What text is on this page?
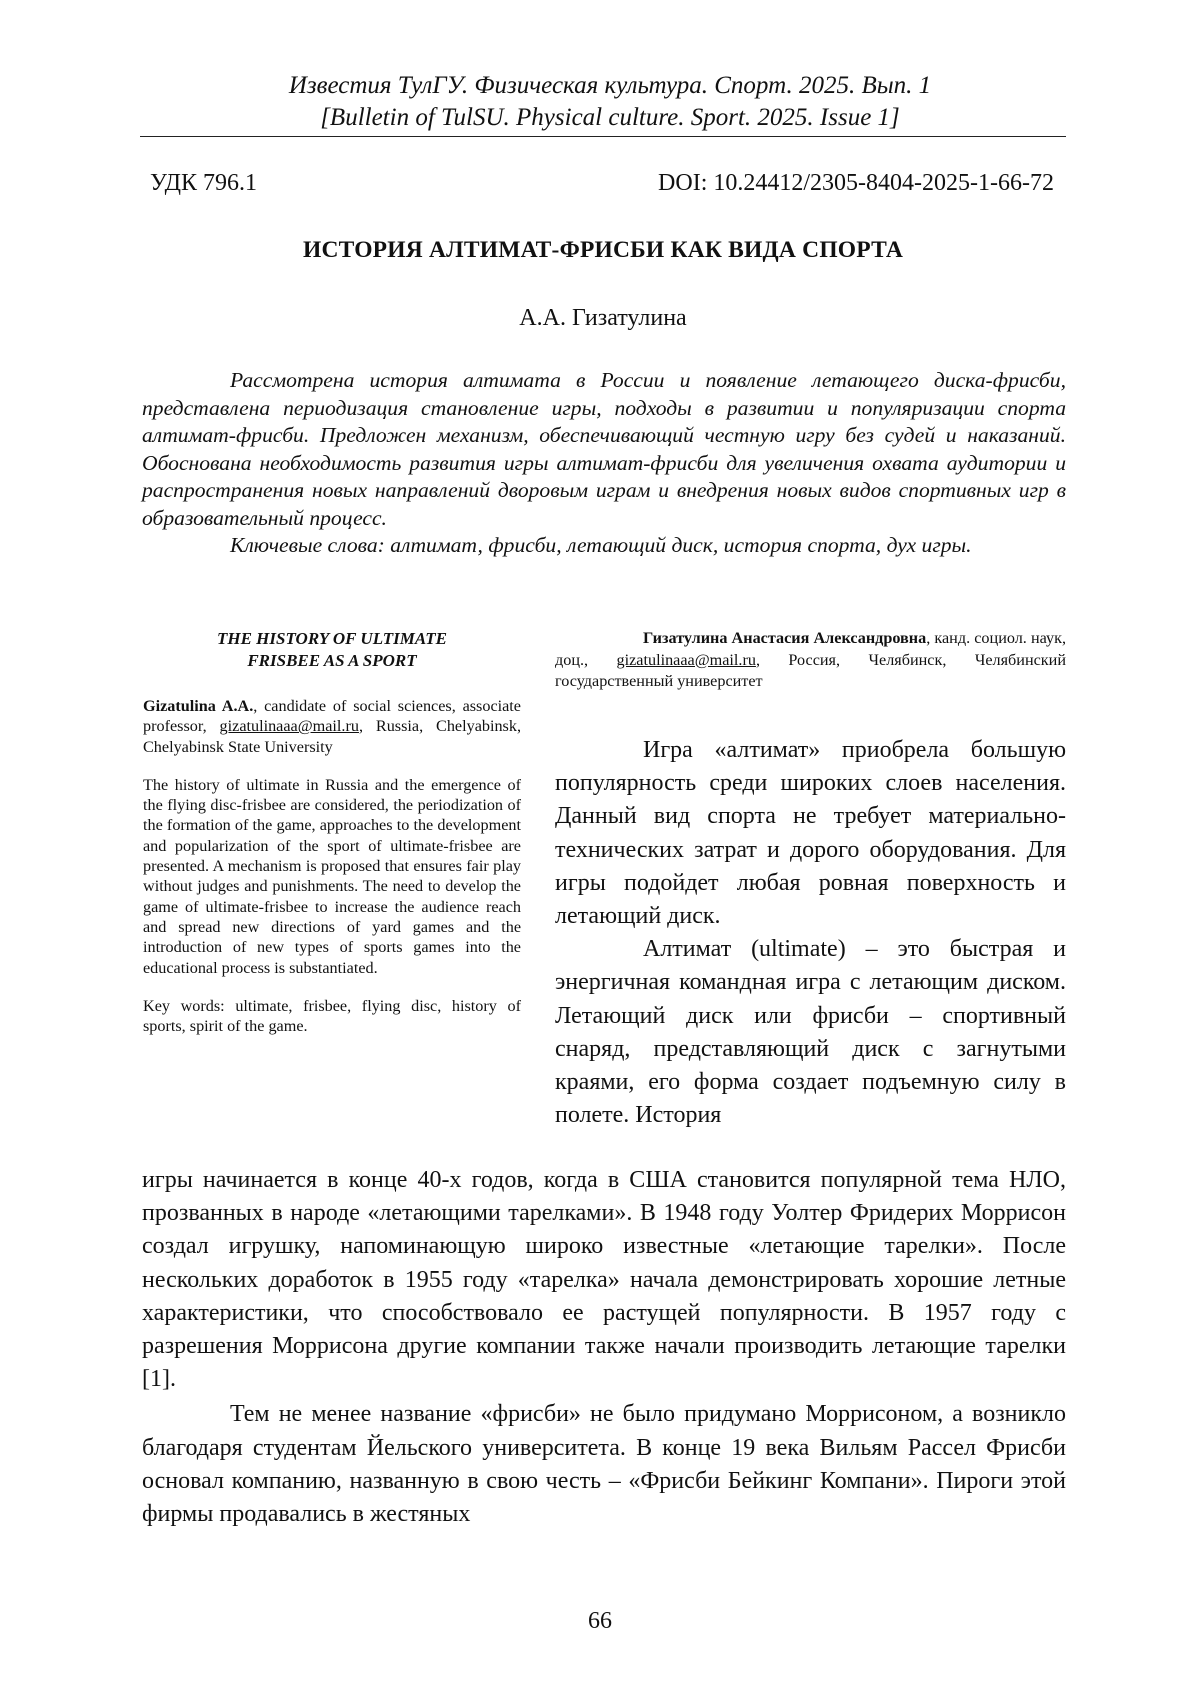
Известия ТулГУ. Физическая культура. Спорт. 2025. Вып. 1
[Bulletin of TulSU. Physical culture. Sport. 2025. Issue 1]
УДК 796.1	DOI: 10.24412/2305-8404-2025-1-66-72
ИСТОРИЯ АЛТИМАТ-ФРИСБИ КАК ВИДА СПОРТА
А.А. Гизатулина

Рассмотрена история алтимата в России и появление летающего диска-фрисби, представлена периодизация становление игры, подходы в развитии и популяризации спорта алтимат-фрисби. Предложен механизм, обеспечивающий честную игру без судей и наказаний. Обоснована необходимость развития игры алтимат-фрисби для увеличения охвата аудитории и распространения новых направлений дворовым играм и внедрения новых видов спортивных игр в образовательный процесс.

Ключевые слова: алтимат, фрисби, летающий диск, история спорта, дух игры.

THE HISTORY OF ULTIMATE
FRISBEE AS A SPORT

Gizatulina A.A., candidate of social sciences, associate professor, gizatulinaaa@mail.ru, Russia, Chelyabinsk, Chelyabinsk State University

The history of ultimate in Russia and the emergence of the flying disc-frisbee are considered, the periodization of the formation of the game, approaches to the development and popularization of the sport of ultimate-frisbee are presented. A mechanism is proposed that ensures fair play without judges and punishments. The need to develop the game of ultimate-frisbee to increase the audience reach and spread new directions of yard games and the introduction of new types of sports games into the educational process is substantiated.

Key words: ultimate, frisbee, flying disc, history of sports, spirit of the game.

Гизатулина Анастасия Александровна, канд. социол. наук, доц., gizatulinaaa@mail.ru, Россия, Челябинск, Челябинский государственный университет

Игра «алтимат» приобрела большую популярность среди широких слоев населения. Данный вид спорта не требует материально-технических затрат и дорого оборудования. Для игры подойдет любая ровная поверхность и летающий диск.

Алтимат (ultimate) – это быстрая и энергичная командная игра с летающим диском. Летающий диск или фрисби – спортивный снаряд, представляющий диск с загнутыми краями, его форма создает подъемную силу в полете. История

игры начинается в конце 40-х годов, когда в США становится популярной тема НЛО, прозванных в народе «летающими тарелками». В 1948 году Уолтер Фридерих Моррисон создал игрушку, напоминающую широко известные «летающие тарелки». После нескольких доработок в 1955 году «тарелка» начала демонстрировать хорошие летные характеристики, что способствовало ее растущей популярности. В 1957 году с разрешения Моррисона другие компании также начали производить летающие тарелки [1].

Тем не менее название «фрисби» не было придумано Моррисоном, а возникло благодаря студентам Йельского университета. В конце 19 века Вильям Рассел Фрисби основал компанию, названную в свою честь – «Фрисби Бейкинг Компани». Пироги этой фирмы продавались в жестяных

66
